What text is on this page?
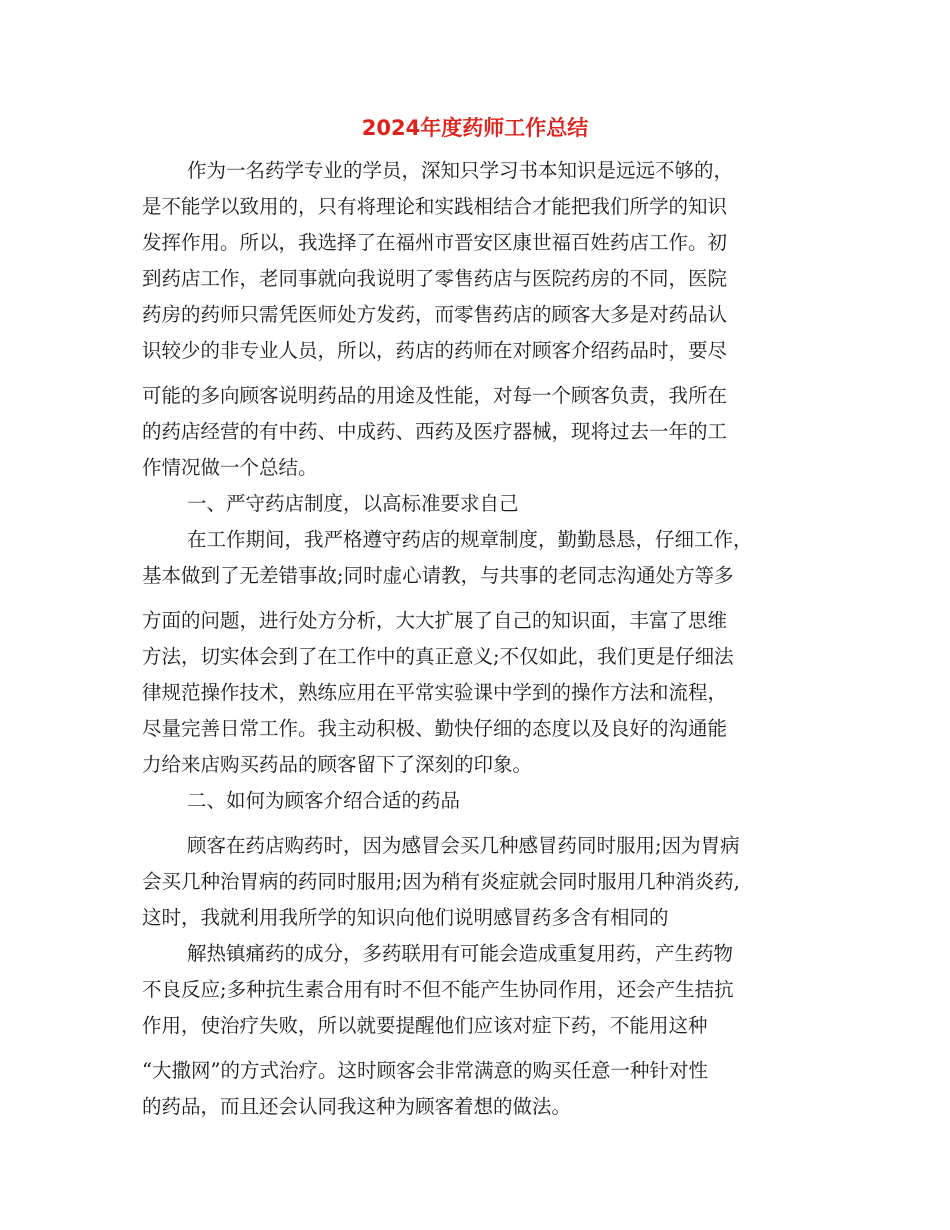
2024年度药师工作总结

作为一名药学专业的学员，深知只学习书本知识是远远不够的，

是不能学以致用的，只有将理论和实践相结合才能把我们所学的知识

发挥作用。所以，我选择了在福州市晋安区康世福百姓药店工作。初

到药店工作，老同事就向我说明了零售药店与医院药房的不同，医院

药房的药师只需凭医师处方发药，而零售药店的顾客大多是对药品认

识较少的非专业人员，所以，药店的药师在对顾客介绍药品时，要尽

可能的多向顾客说明药品的用途及性能，对每一个顾客负责，我所在

的药店经营的有中药、中成药、西药及医疗器械，现将过去一年的工

作情况做一个总结。

一、严守药店制度，以高标准要求自己

在工作期间，我严格遵守药店的规章制度，勤勤恳恳，仔细工作，

基本做到了无差错事故;同时虚心请教，与共事的老同志沟通处方等多

方面的问题，进行处方分析，大大扩展了自己的知识面，丰富了思维

方法，切实体会到了在工作中的真正意义;不仅如此，我们更是仔细法

律规范操作技术，熟练应用在平常实验课中学到的操作方法和流程，

尽量完善日常工作。我主动积极、勤快仔细的态度以及良好的沟通能

力给来店购买药品的顾客留下了深刻的印象。

二、如何为顾客介绍合适的药品

顾客在药店购药时，因为感冒会买几种感冒药同时服用;因为胃病

会买几种治胃病的药同时服用;因为稍有炎症就会同时服用几种消炎药,

这时，我就利用我所学的知识向他们说明感冒药多含有相同的

解热镇痛药的成分，多药联用有可能会造成重复用药，产生药物

不良反应;多种抗生素合用有时不但不能产生协同作用，还会产生拮抗

作用，使治疗失败，所以就要提醒他们应该对症下药，不能用这种

“大撒网”的方式治疗。这时顾客会非常满意的购买任意一种针对性

的药品，而且还会认同我这种为顾客着想的做法。
